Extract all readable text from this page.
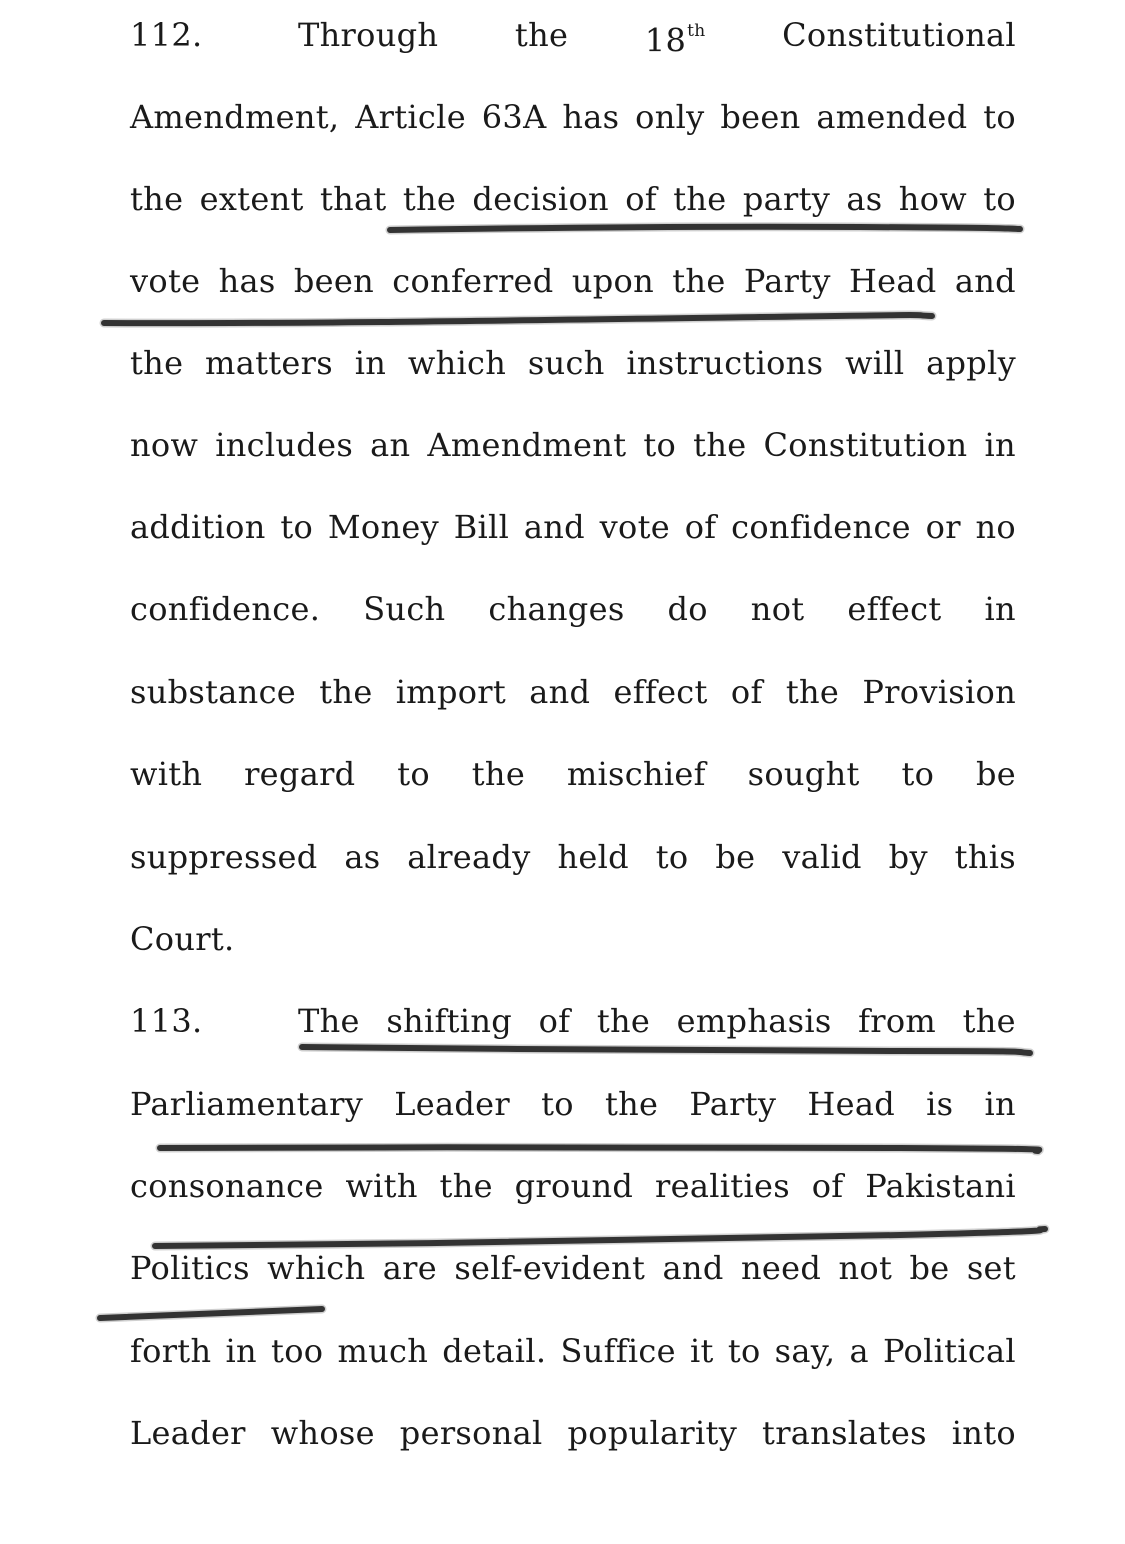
112.	Through the 18th Constitutional
Amendment, Article 63A has only been amended to
the extent that the decision of the party as how to
vote has been conferred upon the Party Head and
the matters in which such instructions will apply
now includes an Amendment to the Constitution in
addition to Money Bill and vote of confidence or no
confidence. Such changes do not effect in
substance the import and effect of the Provision
with regard to the mischief sought to be
suppressed as already held to be valid by this
Court.
113.	The shifting of the emphasis from the
Parliamentary Leader to the Party Head is in
consonance with the ground realities of Pakistani
Politics which are self-evident and need not be set
forth in too much detail. Suffice it to say, a Political
Leader whose personal popularity translates into
